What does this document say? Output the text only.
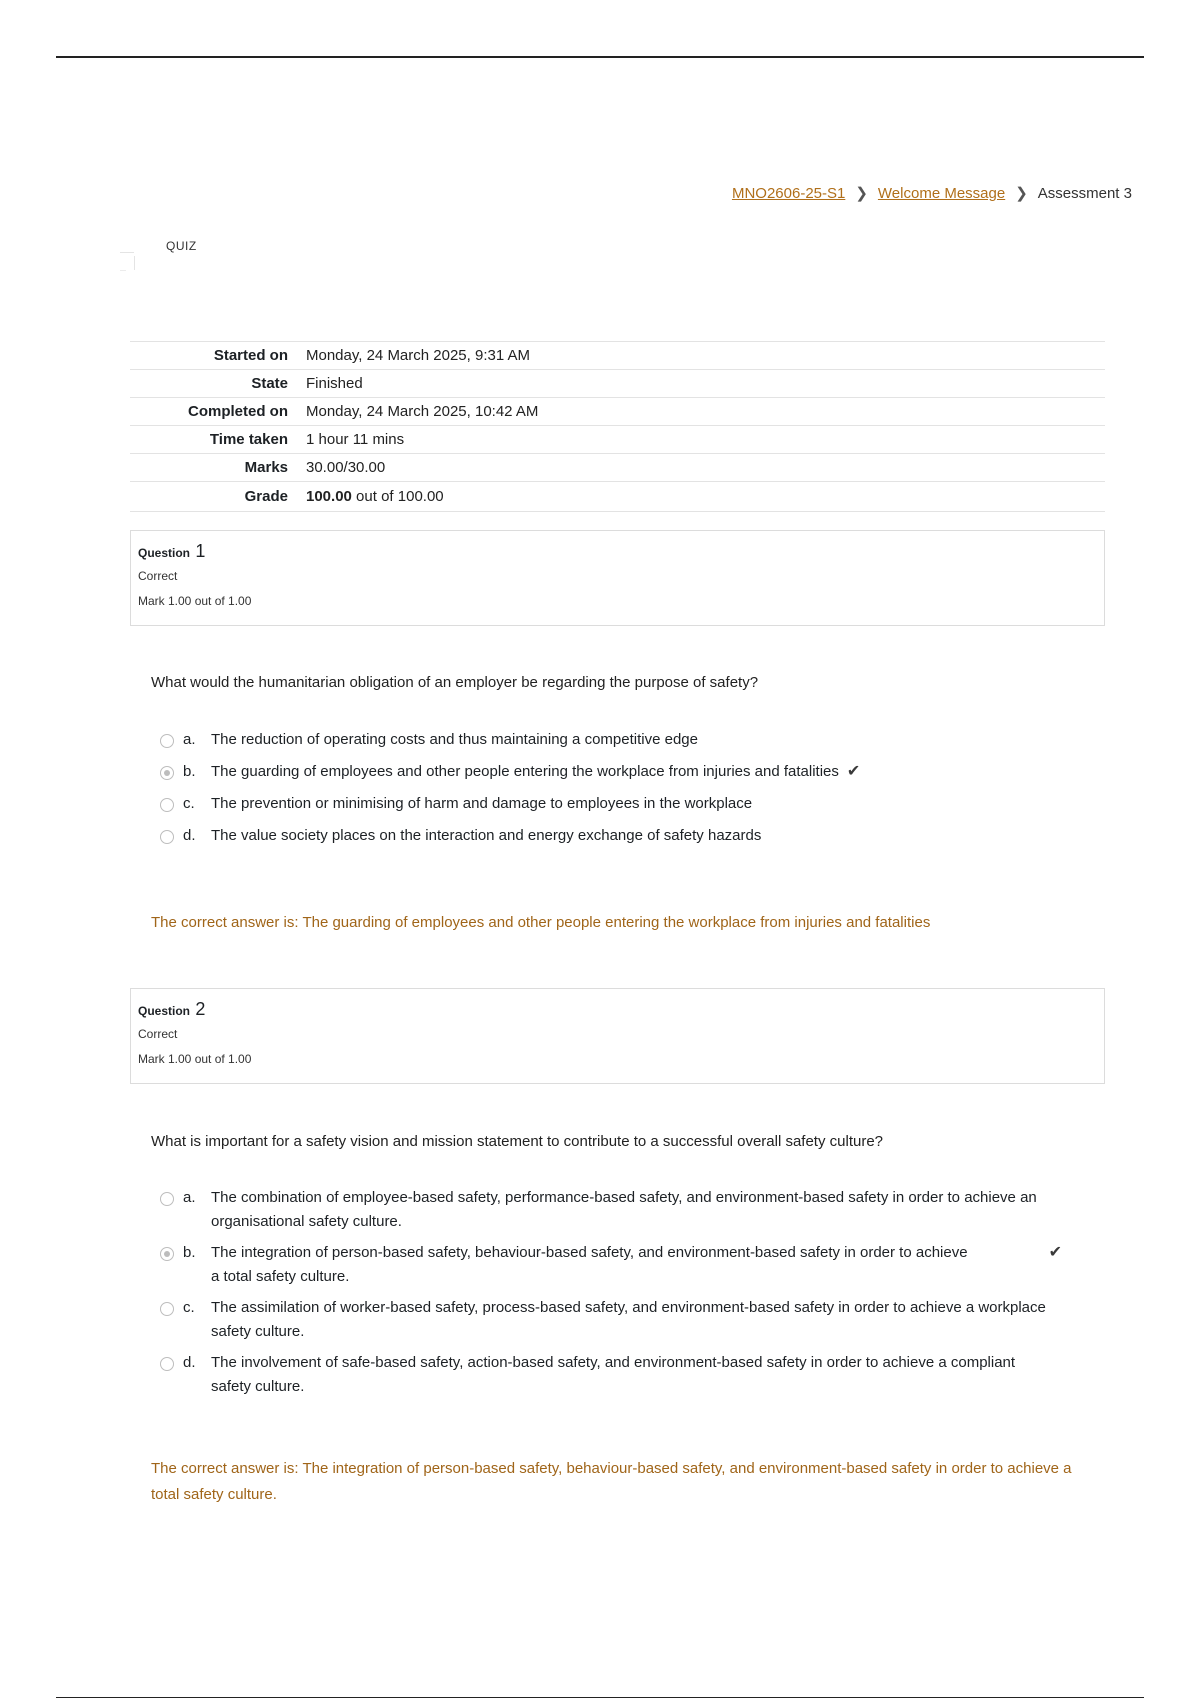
MNO2606-25-S1 ❯ Welcome Message ❯ Assessment 3
QUIZ
Started on	Monday, 24 March 2025, 9:31 AM
State	Finished
Completed on	Monday, 24 March 2025, 10:42 AM
Time taken	1 hour 11 mins
Marks	30.00/30.00
Grade	100.00 out of 100.00
Question 1
Correct
Mark 1.00 out of 1.00
What would the humanitarian obligation of an employer be regarding the purpose of safety?
a.	The reduction of operating costs and thus maintaining a competitive edge
b.	The guarding of employees and other people entering the workplace from injuries and fatalities ✔
c.	The prevention or minimising of harm and damage to employees in the workplace
d.	The value society places on the interaction and energy exchange of safety hazards
The correct answer is: The guarding of employees and other people entering the workplace from injuries and fatalities
Question 2
Correct
Mark 1.00 out of 1.00
What is important for a safety vision and mission statement to contribute to a successful overall safety culture?
a.	The combination of employee-based safety, performance-based safety, and environment-based safety in order to achieve an organisational safety culture.
b.	The integration of person-based safety, behaviour-based safety, and environment-based safety in order to achieve a total safety culture.
✔
c.	The assimilation of worker-based safety, process-based safety, and environment-based safety in order to achieve a workplace safety culture.
d.	The involvement of safe-based safety, action-based safety, and environment-based safety in order to achieve a compliant safety culture.
The correct answer is: The integration of person-based safety, behaviour-based safety, and environment-based safety in order to achieve a total safety culture.
